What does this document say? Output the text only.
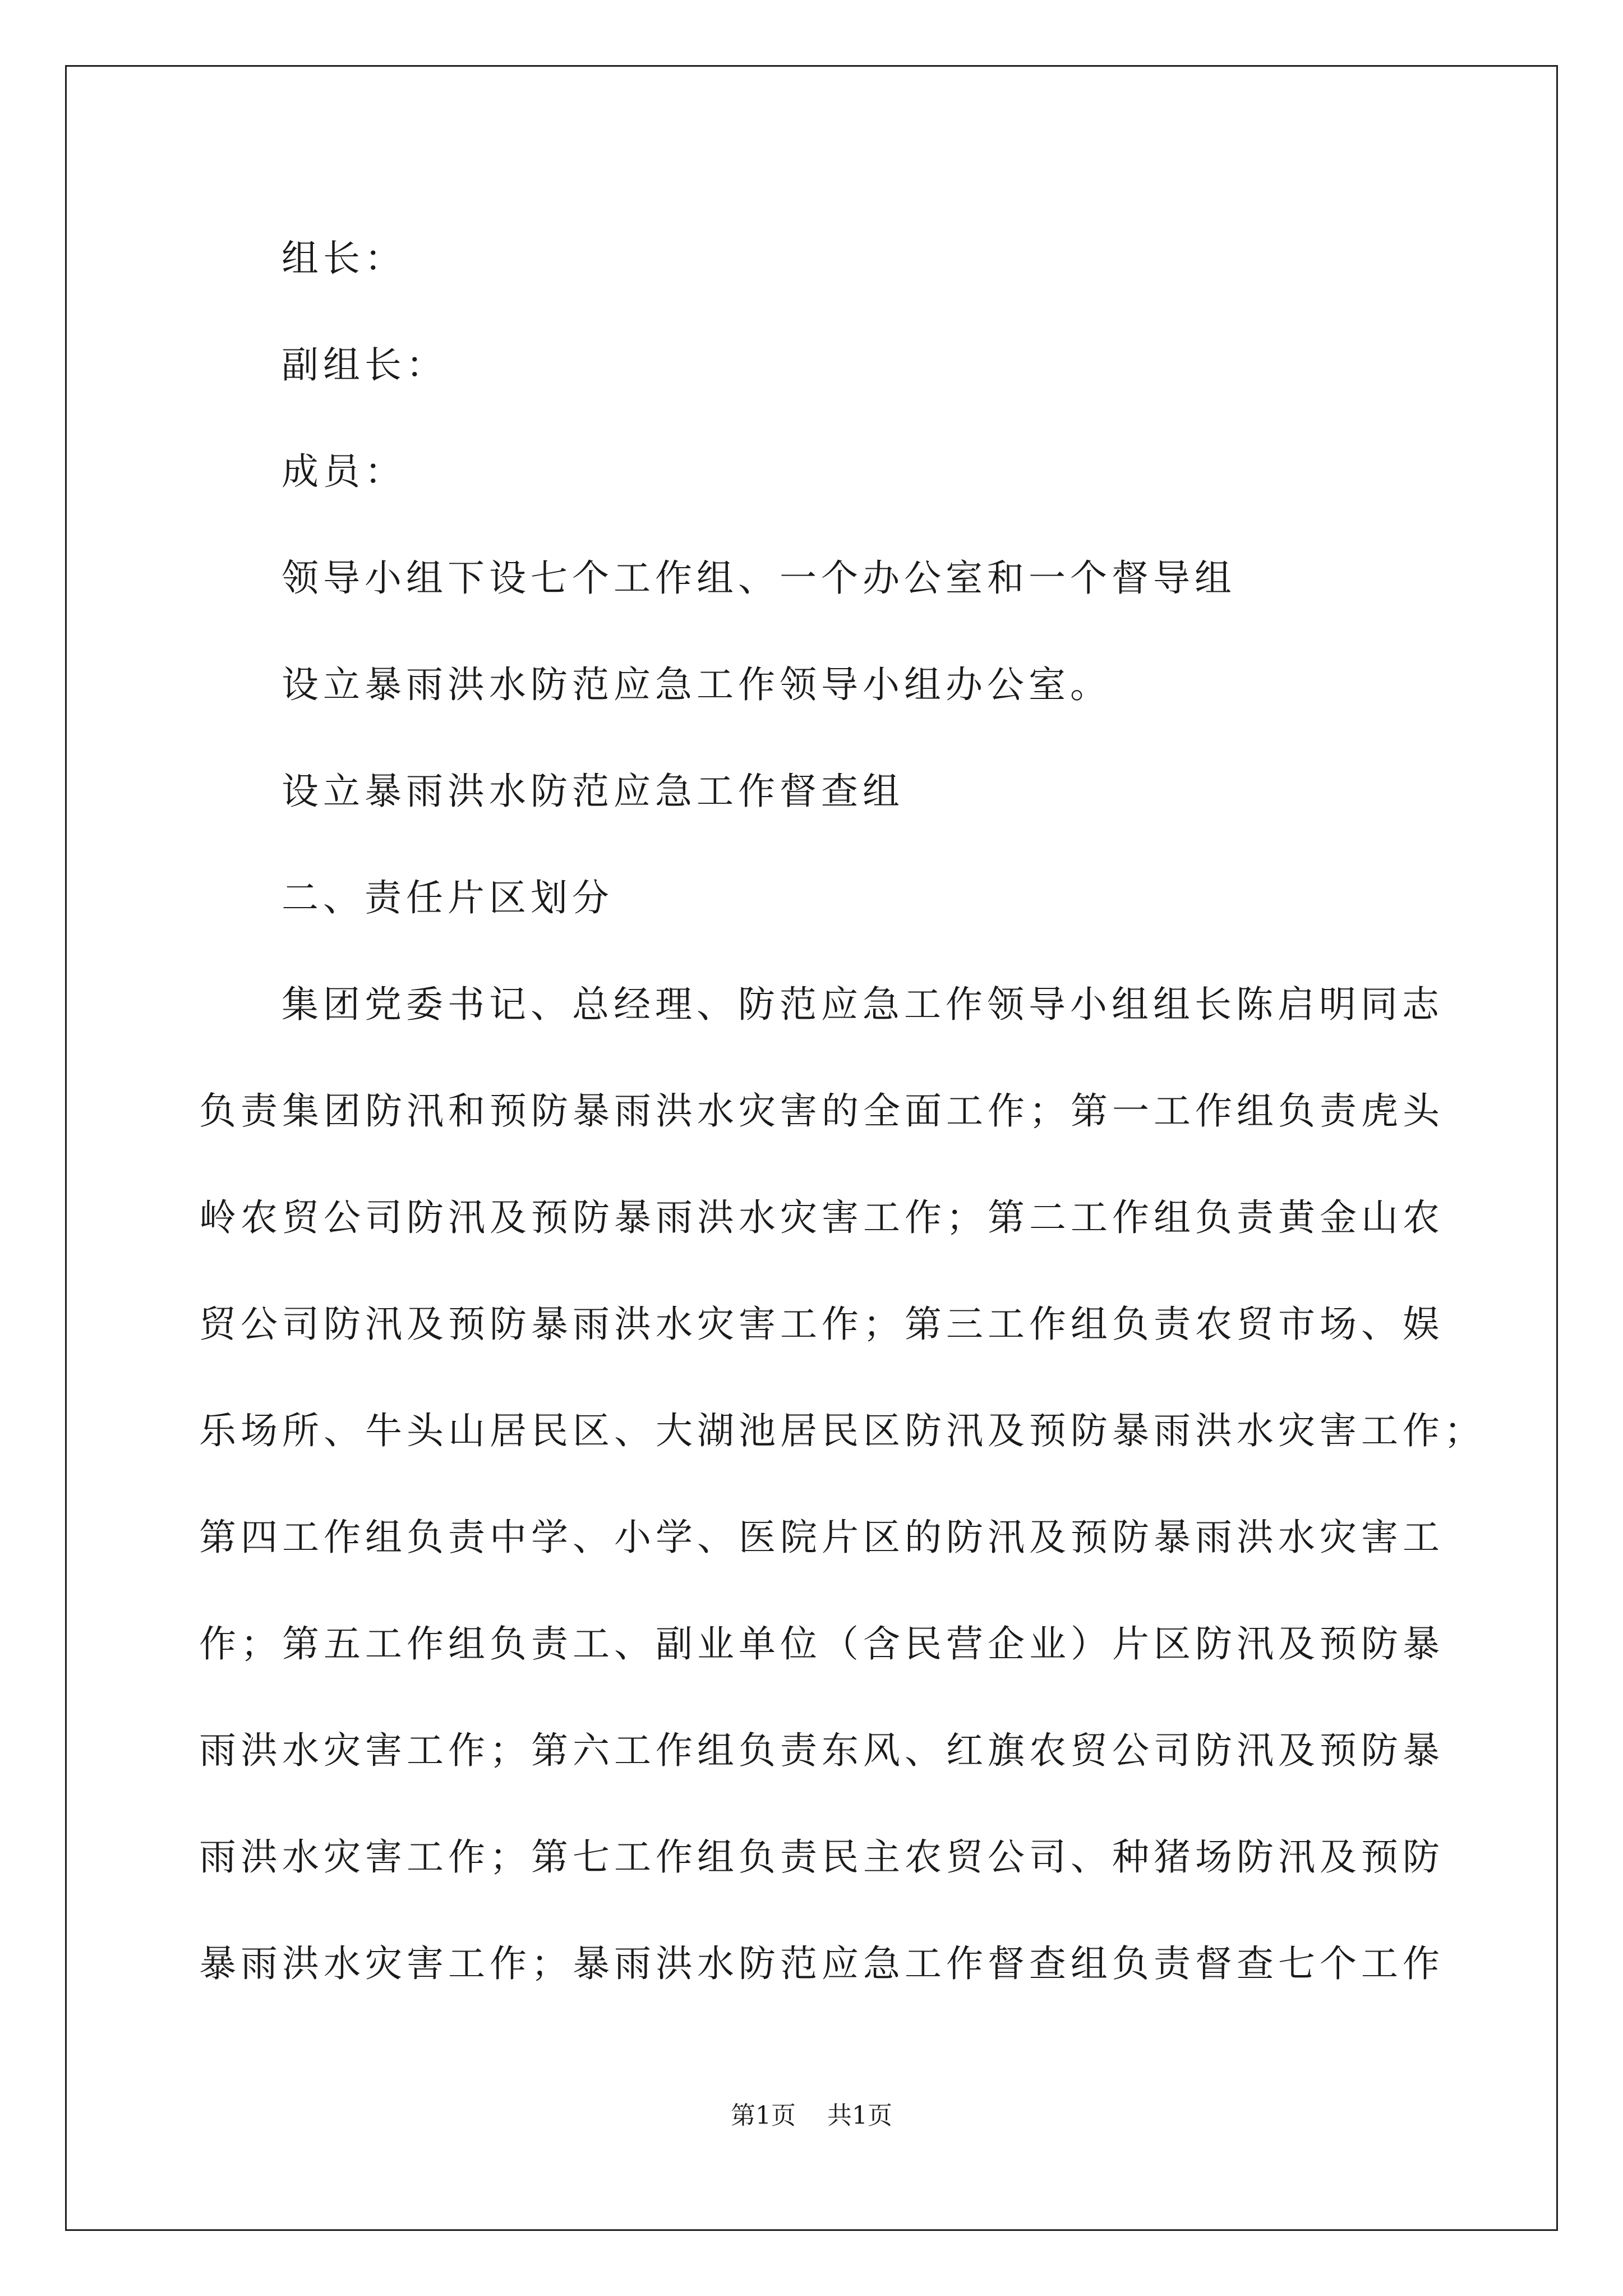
组长：

副组长：

成员：

领导小组下设七个工作组、一个办公室和一个督导组

设立暴雨洪水防范应急工作领导小组办公室。

设立暴雨洪水防范应急工作督查组

二、责任片区划分

集团党委书记、总经理、防范应急工作领导小组组长陈启明同志

负责集团防汛和预防暴雨洪水灾害的全面工作；第一工作组负责虎头

岭农贸公司防汛及预防暴雨洪水灾害工作；第二工作组负责黄金山农

贸公司防汛及预防暴雨洪水灾害工作；第三工作组负责农贸市场、娱

乐场所、牛头山居民区、大湖池居民区防汛及预防暴雨洪水灾害工作；

第四工作组负责中学、小学、医院片区的防汛及预防暴雨洪水灾害工

作；第五工作组负责工、副业单位（含民营企业）片区防汛及预防暴

雨洪水灾害工作；第六工作组负责东风、红旗农贸公司防汛及预防暴

雨洪水灾害工作；第七工作组负责民主农贸公司、种猪场防汛及预防

暴雨洪水灾害工作；暴雨洪水防范应急工作督查组负责督查七个工作

第1页 共1页
